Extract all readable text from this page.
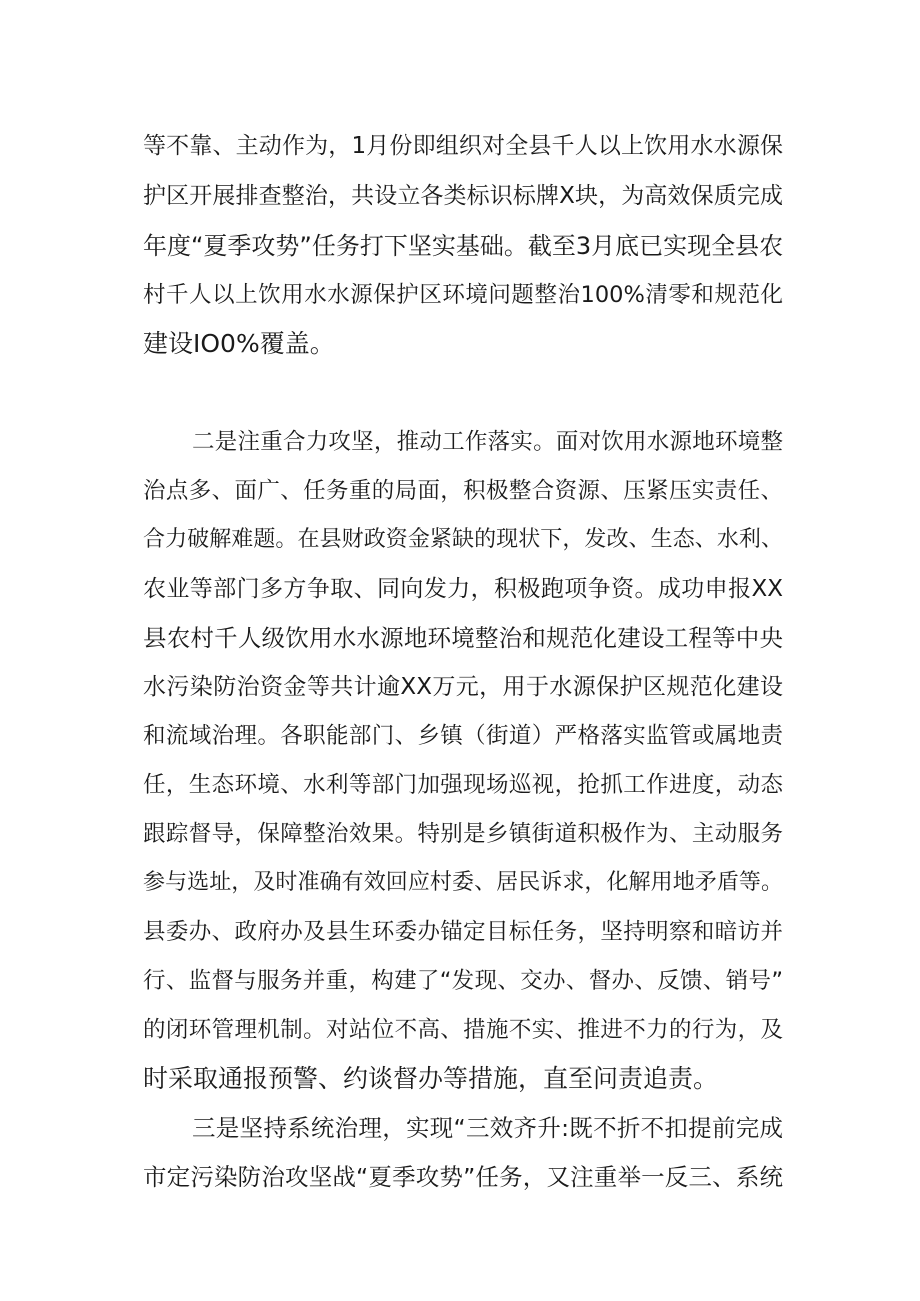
等不靠、主动作为，1月份即组织对全县千人以上饮用水水源保
护区开展排查整治，共设立各类标识标牌X块，为高效保质完成
年度“夏季攻势”任务打下坚实基础。截至3月底已实现全县农
村千人以上饮用水水源保护区环境问题整治100%清零和规范化
建设IO0%覆盖。
二是注重合力攻坚，推动工作落实。面对饮用水源地环境整
治点多、面广、任务重的局面，积极整合资源、压紧压实责任、
合力破解难题。在县财政资金紧缺的现状下，发改、生态、水利、
农业等部门多方争取、同向发力，积极跑项争资。成功申报XX
县农村千人级饮用水水源地环境整治和规范化建设工程等中央
水污染防治资金等共计逾XX万元，用于水源保护区规范化建设
和流域治理。各职能部门、乡镇（街道）严格落实监管或属地责
任，生态环境、水利等部门加强现场巡视，抢抓工作进度，动态
跟踪督导，保障整治效果。特别是乡镇街道积极作为、主动服务
参与选址，及时准确有效回应村委、居民诉求，化解用地矛盾等。
县委办、政府办及县生环委办锚定目标任务，坚持明察和暗访并
行、监督与服务并重，构建了“发现、交办、督办、反馈、销号”
的闭环管理机制。对站位不高、措施不实、推进不力的行为，及
时采取通报预警、约谈督办等措施，直至问责追责。
三是坚持系统治理，实现“三效齐升:既不折不扣提前完成
市定污染防治攻坚战“夏季攻势”任务，又注重举一反三、系统
